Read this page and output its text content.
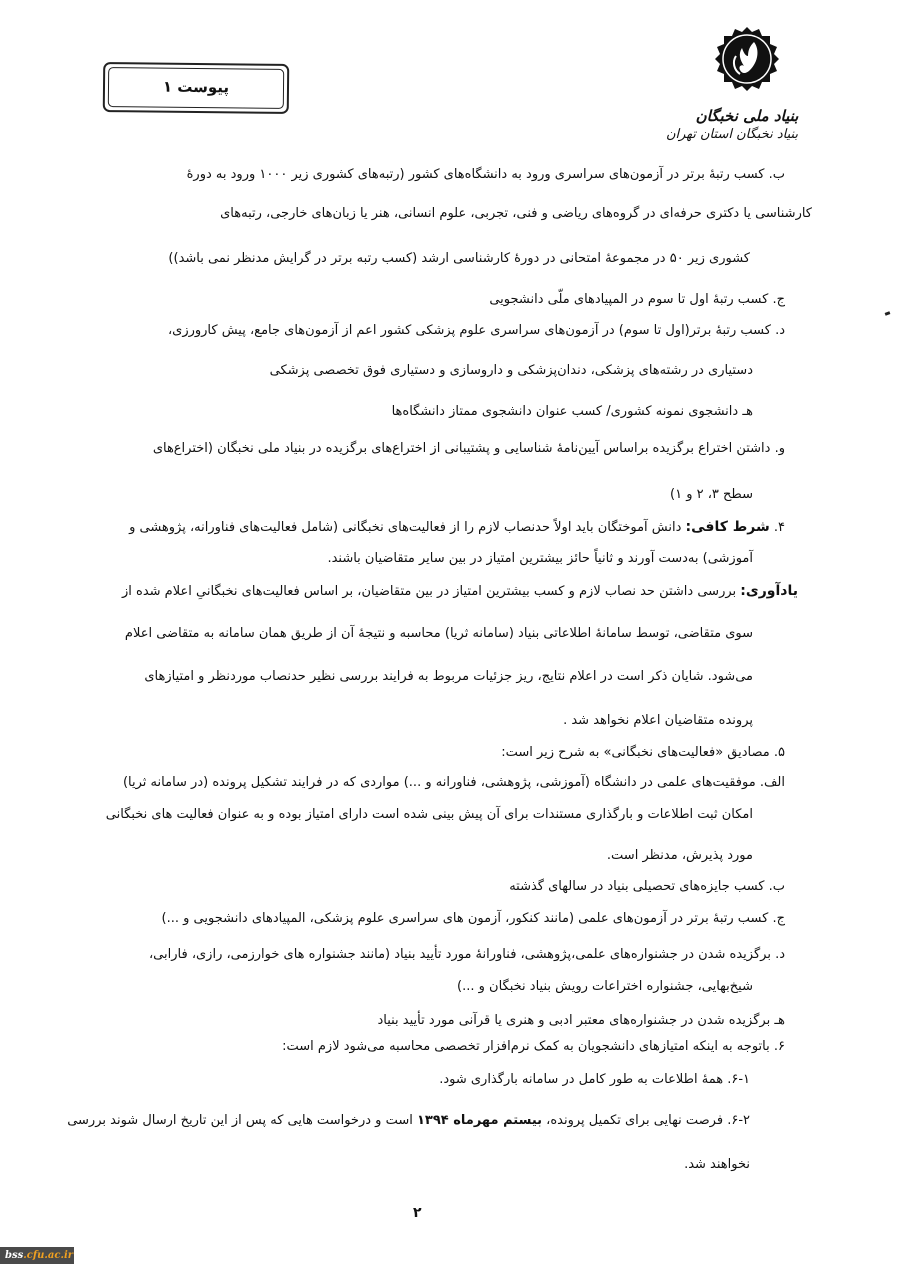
بنیاد ملی نخبگان
بنیاد نخبگان استان تهران
پیوست ۱
ب. کسب رتبهٔ برتر در آزمون‌های سراسری ورود به دانشگاه‌های کشور (رتبه‌های کشوری زیر ۱۰۰۰ ورود به دورهٔ
کارشناسی یا دکتری حرفه‌ای در گروه‌های ریاضی و فنی، تجربی، علوم انسانی، هنر یا زبان‌های خارجی، رتبه‌های
کشوری زیر ۵۰ در مجموعهٔ امتحانی در دورهٔ کارشناسی ارشد (کسب رتبه برتر در گرایش مدنظر نمی باشد))
ج. کسب رتبهٔ اول تا سوم در المپیادهای ملّی دانشجویی
د. کسب رتبهٔ برتر(اول تا سوم) در آزمون‌های سراسری علوم پزشکی کشور اعم از آزمون‌های جامع، پیش کارورزی،
دستیاری در رشته‌های پزشکی، دندان‌پزشکی و داروسازی و دستیاری فوق تخصصی پزشکی
هـ دانشجوی نمونه کشوری/ کسب عنوان دانشجوی ممتاز دانشگاه‌ها
و. داشتن اختراع برگزیده براساس آیین‌نامهٔ شناسایی و پشتیبانی از اختراع‌های برگزیده در بنیاد ملی نخبگان (اختراع‌های
سطح ۳، ۲ و ۱)
۴. شرط کافی: دانش آموختگان باید اولاً حدنصاب لازم را از فعالیت‌های نخبگانی (شامل فعالیت‌های فناورانه، پژوهشی و
آموزشی) به‌دست آورند و ثانیاً حائز بیشترین امتیاز در بین سایر متقاضیان باشند.
یادآوری: بررسی داشتن حد نصاب لازم و کسب بیشترین امتیاز در بین متقاضیان، بر اساس فعالیت‌های نخبگانیِ اعلام شده از
سوی متقاضی، توسط سامانهٔ اطلاعاتی بنیاد (سامانه ثریا) محاسبه و نتیجهٔ آن از طریق همان سامانه به متقاضی اعلام
می‌شود. شایان ذکر است در اعلام نتایج، ریز جزئیات مربوط به فرایند بررسی نظیر حدنصاب موردنظر و امتیازهای
پرونده متقاضیان اعلام نخواهد شد .
۵. مصادیق «فعالیت‌های نخبگانی» به شرح زیر است:
الف. موفقیت‌های علمی در دانشگاه (آموزشی، پژوهشی، فناورانه و ...) مواردی که در فرایند تشکیل پرونده (در سامانه ثریا)
امکان ثبت اطلاعات و بارگذاری مستندات برای آن پیش بینی شده است دارای امتیاز بوده و به عنوان فعالیت های نخبگانی
مورد پذیرش، مدنظر است.
ب. کسب جایزه‌های تحصیلی بنیاد در سالهای گذشته
ج. کسب رتبهٔ برتر در آزمون‌های علمی (مانند کنکور، آزمون های سراسری علوم پزشکی، المپیادهای دانشجویی و ...)
د. برگزیده شدن در جشنواره‌های علمی،پژوهشی، فناورانهٔ مورد تأیید بنیاد (مانند جشنواره های خوارزمی، رازی، فارابی،
شیخ‌بهایی، جشنواره اختراعات رویش بنیاد نخبگان و ...)
هـ برگزیده شدن در جشنواره‌های معتبر ادبی و هنری یا قرآنی مورد تأیید بنیاد
۶. باتوجه به اینکه امتیازهای دانشجویان به کمک نرم‌افزار تخصصی محاسبه می‌شود لازم است:
۶-۱. همهٔ اطلاعات به طور کامل در سامانه بارگذاری شود.
۶-۲. فرصت نهایی برای تکمیل پرونده، بیستم مهرماه ۱۳۹۴ است و درخواست هایی که پس از این تاریخ ارسال شوند بررسی
نخواهند شد.
۲
bss.cfu.ac.ir
